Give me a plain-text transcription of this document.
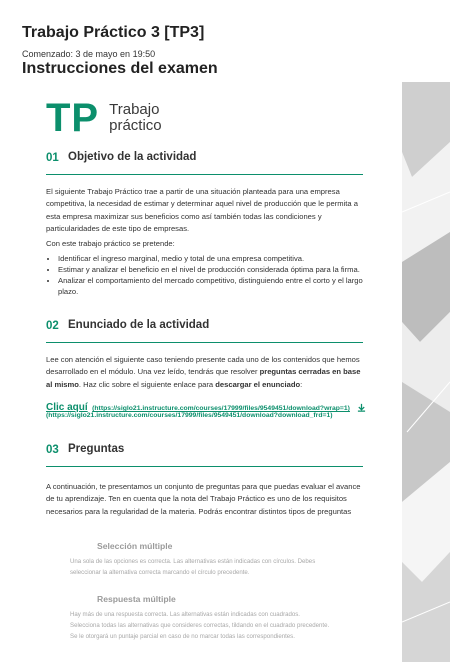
Trabajo Práctico 3 [TP3]
Comenzado: 3 de mayo en 19:50
Instrucciones del examen
TP Trabajo
práctico
01 Objetivo de la actividad
El siguiente Trabajo Práctico trae a partir de una situación planteada para una empresa competitiva, la necesidad de estimar y determinar aquel nivel de producción que le permita a esta empresa maximizar sus beneficios como así también todas las condiciones y particularidades de este tipo de empresas.
Con este trabajo práctico se pretende:
• Identificar el ingreso marginal, medio y total de una empresa competitiva.
• Estimar y analizar el beneficio en el nivel de producción considerada óptima para la firma.
• Analizar el comportamiento del mercado competitivo, distinguiendo entre el corto y el largo plazo.
02 Enunciado de la actividad
Lee con atención el siguiente caso teniendo presente cada uno de los contenidos que hemos desarrollado en el módulo. Una vez leído, tendrás que resolver preguntas cerradas en base al mismo. Haz clic sobre el siguiente enlace para descargar el enunciado:
Clic aquí (https://siglo21.instructure.com/courses/17999/files/9549451/download?wrap=1)
(https://siglo21.instructure.com/courses/17999/files/9549451/download?download_frd=1)
03 Preguntas
A continuación, te presentamos un conjunto de preguntas para que puedas evaluar el avance de tu aprendizaje. Ten en cuenta que la nota del Trabajo Práctico es uno de los requisitos necesarios para la regularidad de la materia. Podrás encontrar distintos tipos de preguntas
Selección múltiple
Una sola de las opciones es correcta. Las alternativas están indicadas con círculos. Debes
seleccionar la alternativa correcta marcando el círculo precedente.
Respuesta múltiple
Hay más de una respuesta correcta. Las alternativas están indicadas con cuadrados.
Selecciona todas las alternativas que consideres correctas, tildando en el cuadrado precedente.
Se le otorgará un puntaje parcial en caso de no marcar todas las correspondientes.
